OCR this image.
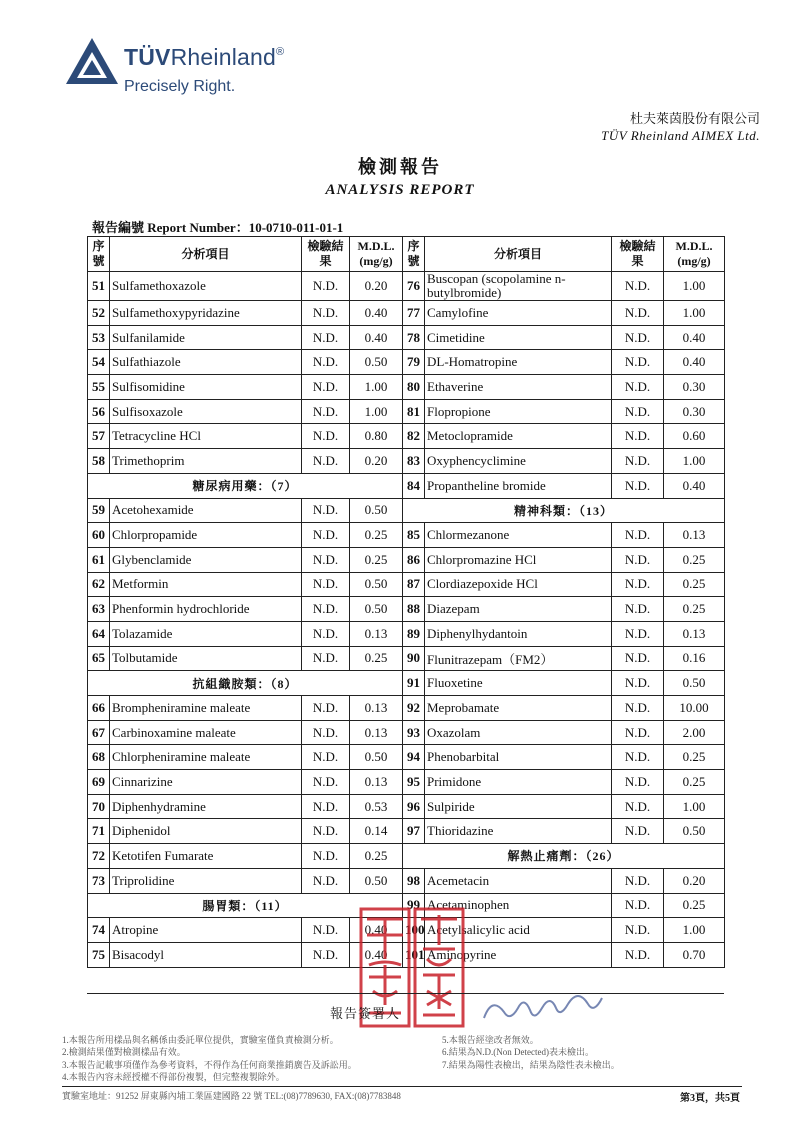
TÜVRheinland®
Precisely Right.
杜夫萊茵股份有限公司
TÜV Rheinland AIMEX Ltd.
檢測報告
ANALYSIS REPORT
報告編號 Report Number：10-0710-011-01-1
序號	分析項目	檢驗結果	M.D.L.(mg/g)	序號	分析項目	檢驗結果	M.D.L.(mg/g)
51	Sulfamethoxazole	N.D.	0.20	76	Buscopan (scopolamine n-butylbromide)	N.D.	1.00
52	Sulfamethoxypyridazine	N.D.	0.40	77	Camylofine	N.D.	1.00
53	Sulfanilamide	N.D.	0.40	78	Cimetidine	N.D.	0.40
54	Sulfathiazole	N.D.	0.50	79	DL-Homatropine	N.D.	0.40
55	Sulfisomidine	N.D.	1.00	80	Ethaverine	N.D.	0.30
56	Sulfisoxazole	N.D.	1.00	81	Flopropione	N.D.	0.30
57	Tetracycline HCl	N.D.	0.80	82	Metoclopramide	N.D.	0.60
58	Trimethoprim	N.D.	0.20	83	Oxyphencyclimine	N.D.	1.00
糖尿病用藥：（7）				84	Propantheline bromide	N.D.	0.40
59	Acetohexamide	N.D.	0.50	精神科類：（13）			
60	Chlorpropamide	N.D.	0.25	85	Chlormezanone	N.D.	0.13
61	Glybenclamide	N.D.	0.25	86	Chlorpromazine HCl	N.D.	0.25
62	Metformin	N.D.	0.50	87	Clordiazepoxide HCl	N.D.	0.25
63	Phenformin hydrochloride	N.D.	0.50	88	Diazepam	N.D.	0.25
64	Tolazamide	N.D.	0.13	89	Diphenylhydantoin	N.D.	0.13
65	Tolbutamide	N.D.	0.25	90	Flunitrazepam（FM2）	N.D.	0.16
抗組織胺類：（8）				91	Fluoxetine	N.D.	0.50
66	Brompheniramine maleate	N.D.	0.13	92	Meprobamate	N.D.	10.00
67	Carbinoxamine maleate	N.D.	0.13	93	Oxazolam	N.D.	2.00
68	Chlorpheniramine maleate	N.D.	0.50	94	Phenobarbital	N.D.	0.25
69	Cinnarizine	N.D.	0.13	95	Primidone	N.D.	0.25
70	Diphenhydramine	N.D.	0.53	96	Sulpiride	N.D.	1.00
71	Diphenidol	N.D.	0.14	97	Thioridazine	N.D.	0.50
72	Ketotifen Fumarate	N.D.	0.25	解熱止痛劑：（26）			
73	Triprolidine	N.D.	0.50	98	Acemetacin	N.D.	0.20
腸胃類：（11）				99	Acetaminophen	N.D.	0.25
74	Atropine	N.D.	0.40	100	Acetylsalicylic acid	N.D.	1.00
75	Bisacodyl	N.D.	0.40	101	Aminopyrine	N.D.	0.70
報告簽署人
1.本報告所用樣品與名稱係由委託單位提供，實驗室僅負責檢測分析。	5.本報告經塗改者無效。
2.檢測結果僅對檢測樣品有效。	6.結果為N.D.(Non Detected)表未檢出。
3.本報告記載事項僅作為參考資料，不得作為任何商業推銷廣告及訴訟用。	7.結果為陽性表檢出，結果為陰性表未檢出。
4.本報告內容未經授權不得部份複製，但完整複製除外。
實驗室地址：91252 屏東縣內埔工業區建國路 22 號 TEL:(08)7789630, FAX:(08)7783848	第3頁，共5頁
